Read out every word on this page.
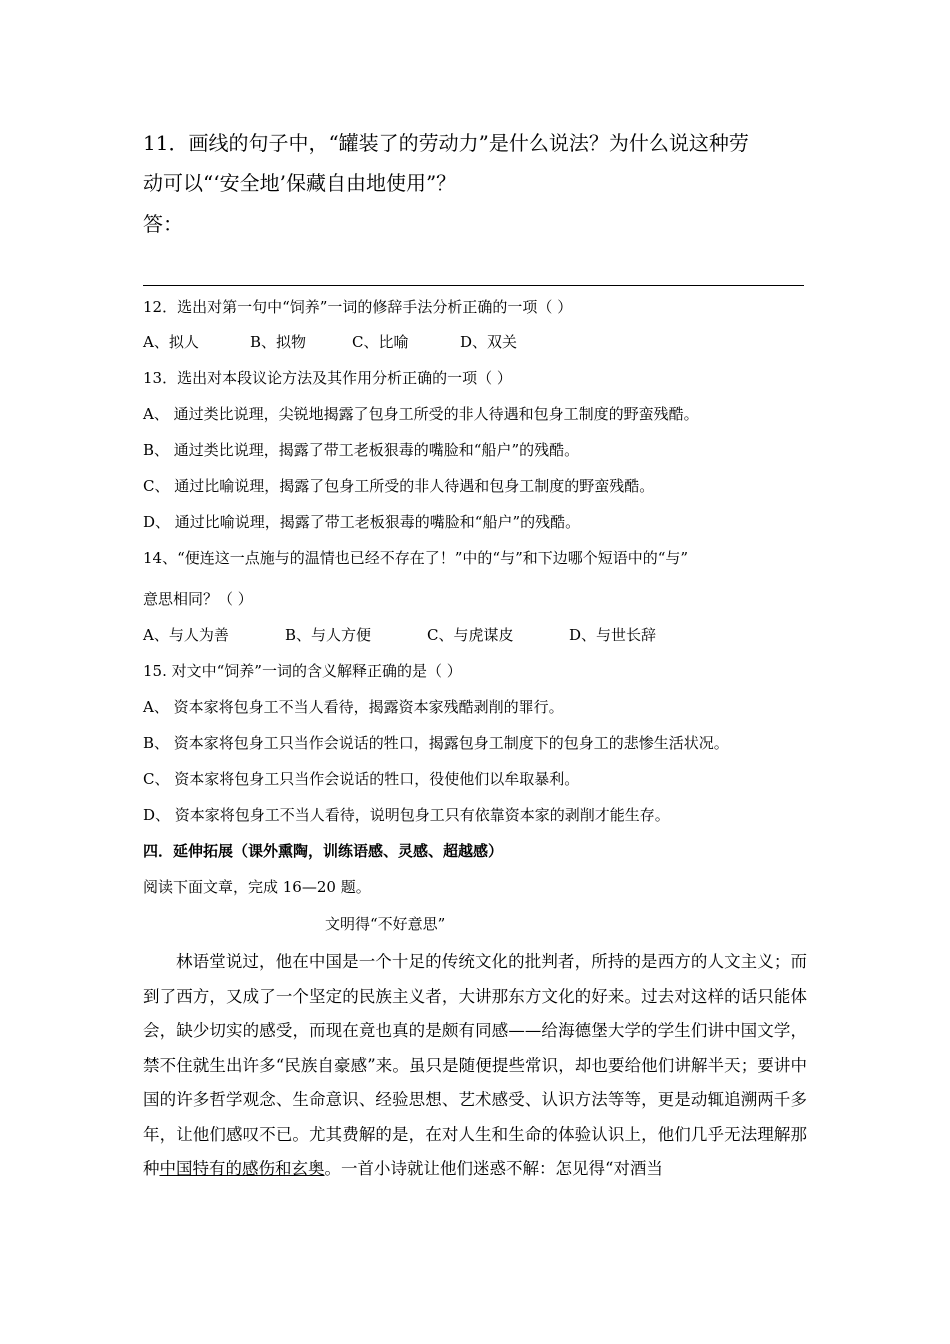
11．画线的句子中，“罐装了的劳动力”是什么说法？为什么说这种劳

动可以“‘安全地’保藏自由地使用”？

答：
12．选出对第一句中“饲养”一词的修辞手法分析正确的一项（ ）
A、拟人	B、拟物	C、比喻	D、双关
13．选出对本段议论方法及其作用分析正确的一项（ ）
A、 通过类比说理，尖锐地揭露了包身工所受的非人待遇和包身工制度的野蛮残酷。
B、 通过类比说理，揭露了带工老板狠毒的嘴脸和“船户”的残酷。
C、 通过比喻说理，揭露了包身工所受的非人待遇和包身工制度的野蛮残酷。
D、 通过比喻说理，揭露了带工老板狠毒的嘴脸和“船户”的残酷。
14、“便连这一点施与的温情也已经不存在了！”中的“与”和下边哪个短语中的“与”
意思相同？（ ）
A、与人为善	B、与人方便	C、与虎谋皮	D、与世长辞
15. 对文中“饲养”一词的含义解释正确的是（ ）
A、 资本家将包身工不当人看待，揭露资本家残酷剥削的罪行。
B、 资本家将包身工只当作会说话的牲口，揭露包身工制度下的包身工的悲惨生活状况。
C、 资本家将包身工只当作会说话的牲口，役使他们以牟取暴利。
D、 资本家将包身工不当人看待，说明包身工只有依靠资本家的剥削才能生存。
四．延伸拓展（课外熏陶，训练语感、灵感、超越感）
阅读下面文章，完成 16—20 题。
文明得“不好意思”

林语堂说过，他在中国是一个十足的传统文化的批判者，所持的是西方的人文主义；而到了西方，又成了一个坚定的民族主义者，大讲那东方文化的好来。过去对这样的话只能体会，缺少切实的感受，而现在竟也真的是颇有同感——给海德堡大学的学生们讲中国文学，禁不住就生出许多“民族自豪感”来。虽只是随便提些常识，却也要给他们讲解半天；要讲中国的许多哲学观念、生命意识、经验思想、艺术感受、认识方法等等，更是动辄追溯两千多年，让他们感叹不已。尤其费解的是，在对人生和生命的体验认识上，他们几乎无法理解那种中国特有的感伤和玄奥。一首小诗就让他们迷惑不解：怎见得“对酒当
